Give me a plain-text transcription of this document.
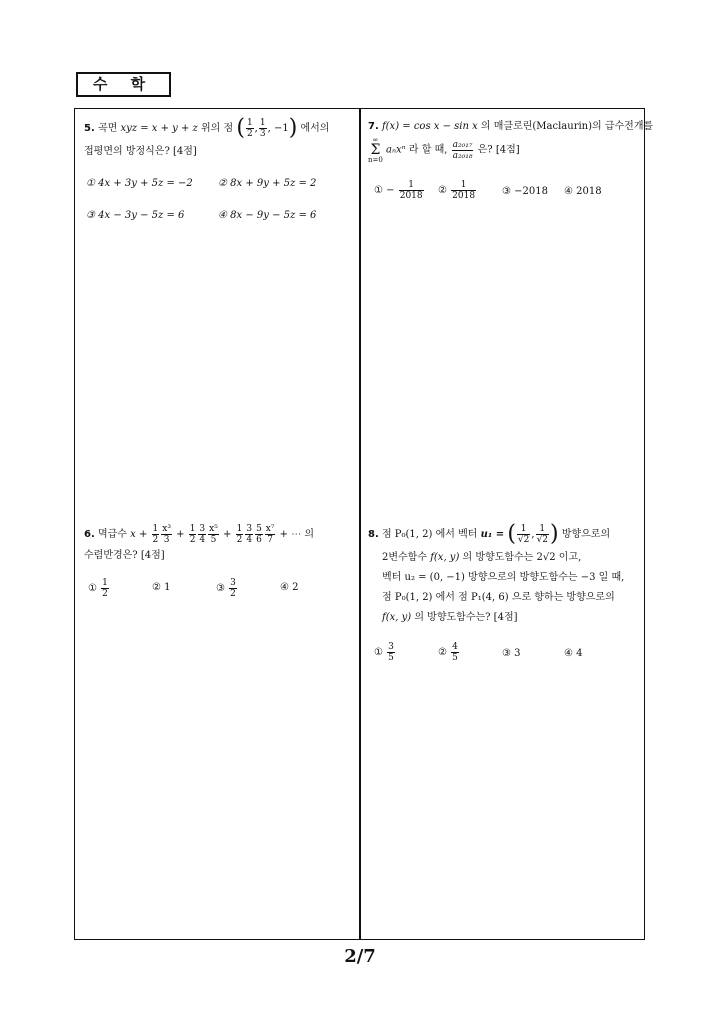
수 학
5. 곡면 xyz = x + y + z 위의 점 ( $\frac{1}{2}$ , $\frac{1}{3}$ , −1) 에서의
접평면의 방정식은? [4점]
① 4x + 3y + 5z = −2	② 8x + 9y + 5z = 2
③ 4x − 3y − 5z = 6	④ 8x − 9y − 5z = 6
6. 멱급수 $x + \frac{1}{2} \frac{\text{x³}}{3} + \frac{1}{2} \frac{3}{4} \frac{\text{x⁵}}{5} + \frac{1}{2} \frac{3}{4} \frac{5}{6} \frac{\text{x⁷}}{7}$ + ⋯ 의
수렴반경은? [4점]
① $\frac{1}{2}$	② 1	③ $\frac{3}{2}$	④ 2
7. f(x) = cos x − sin x 의 매클로린(Maclaurin)의 급수전개를
∞
Σ
n=0
aₙxⁿ 라 할 때, $\frac{\text{a₂₀₁₇}}{\text{a₂₀₁₈}}$ 은? [4점]
① − $\frac{1}{2018}$ ② $\frac{1}{2018}$	③ −2018 ④ 2018
8. 점 P₀(1, 2) 에서 벡터 u₁ = ( $\frac{1}{√2}$ , $\frac{1}{√2}$ ) 방향으로의
2변수함수 f(x, y) 의 방향도함수는 2√2 이고,
벡터 u₂ = (0, −1) 방향으로의 방향도함수는 −3 일 때,
점 P₀(1, 2) 에서 점 P₁(4, 6) 으로 향하는 방향으로의
f(x, y) 의 방향도함수는? [4점]
① $\frac{3}{5}$	② $\frac{4}{5}$	③ 3	④ 4
2/7
